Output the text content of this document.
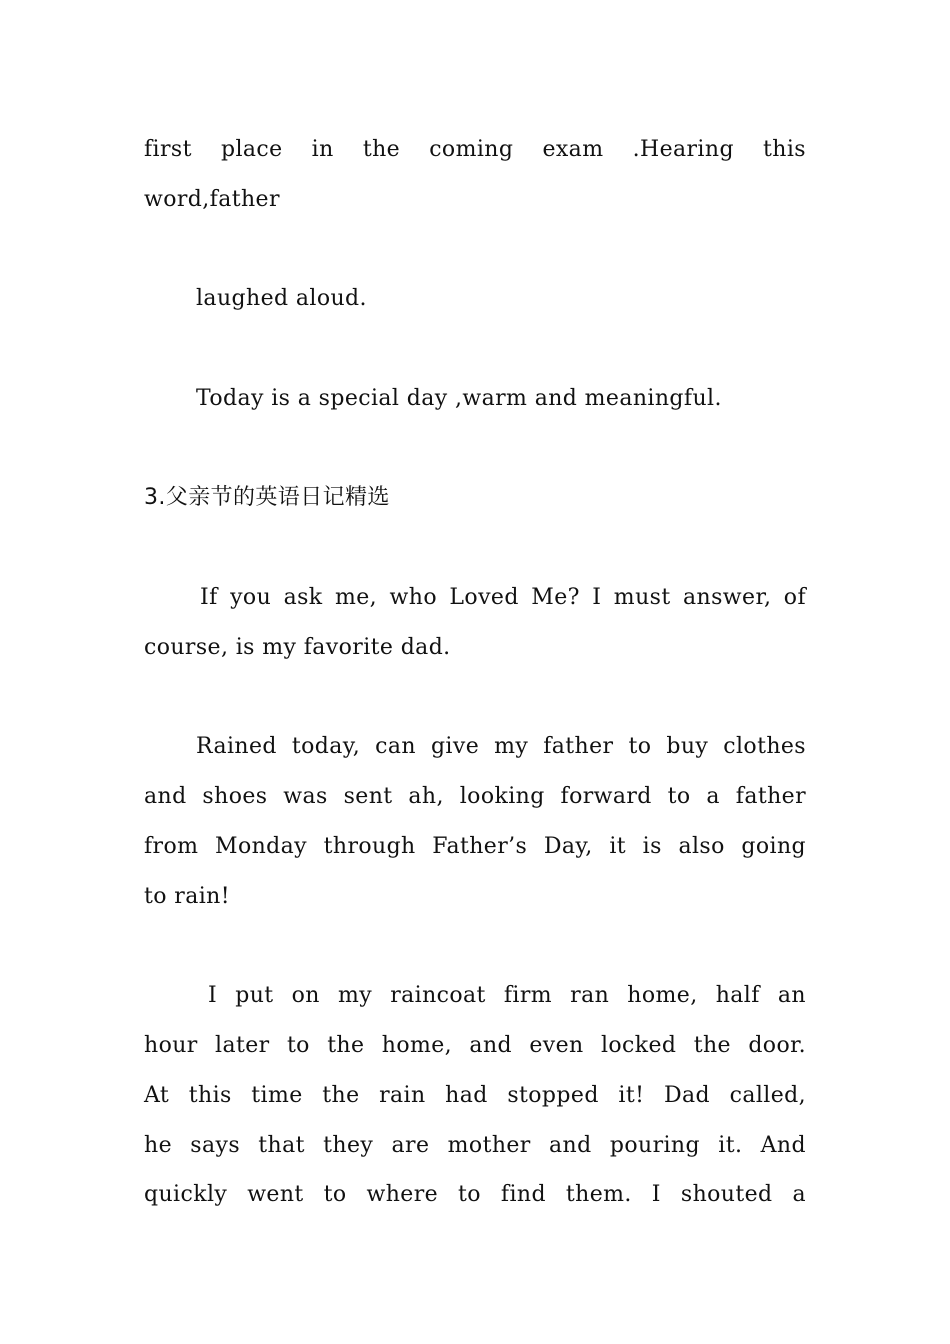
first place in the coming exam .Hearing this
word,father
laughed aloud.
Today is a special day ,warm and meaningful.
3.父亲节的英语日记精选
If you ask me, who Loved Me? I must answer, of
course, is my favorite dad.
Rained today, can give my father to buy clothes
and shoes was sent ah, looking forward to a father
from Monday through Father’s Day, it is also going
to rain!
I put on my raincoat firm ran home, half an
hour later to the home, and even locked the door.
At this time the rain had stopped it! Dad called,
he says that they are mother and pouring it. And
quickly went to where to find them. I shouted a
